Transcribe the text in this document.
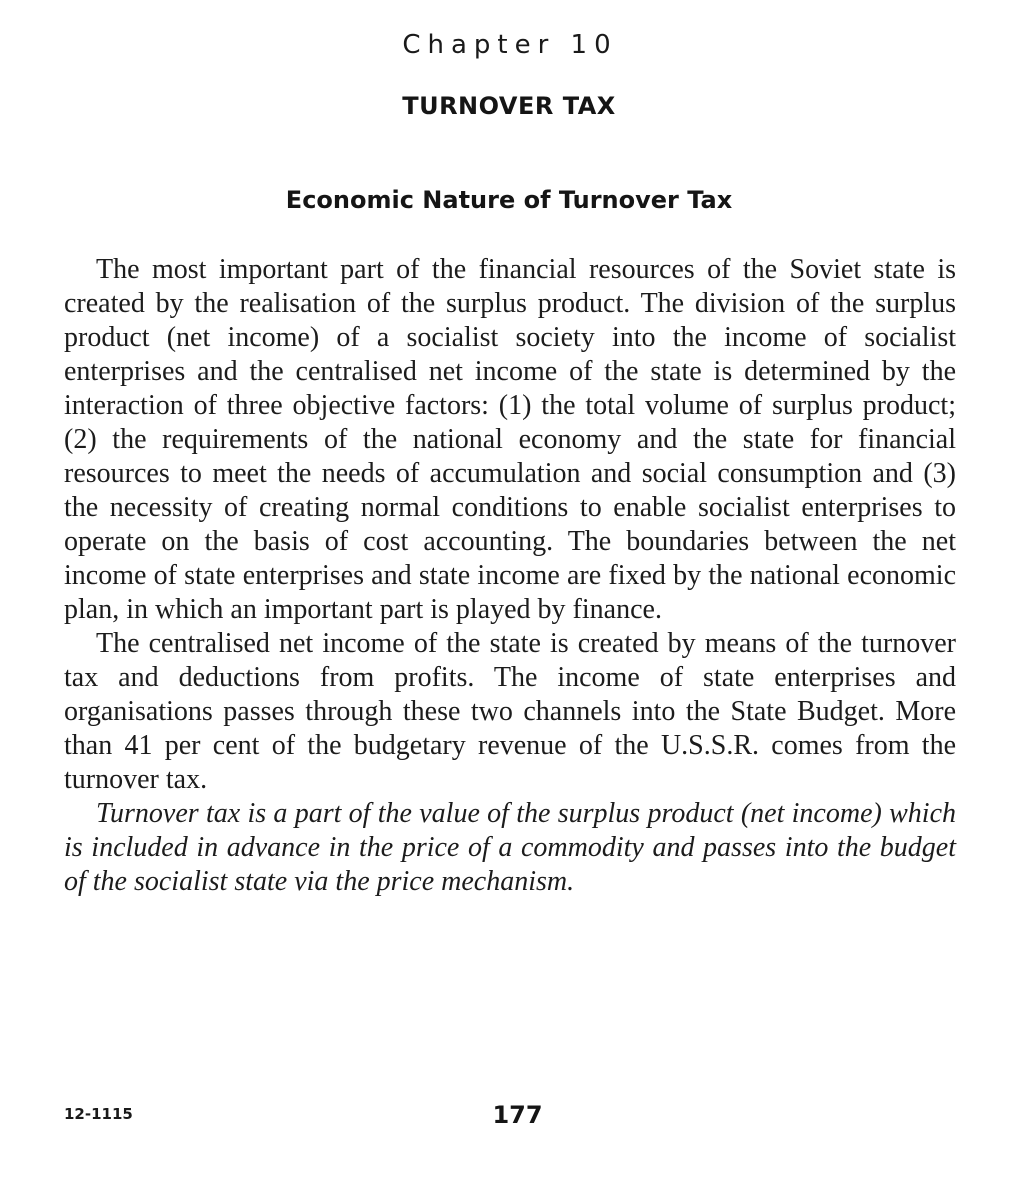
Chapter 10
TURNOVER TAX
Economic Nature of Turnover Tax

The most important part of the financial resources of the Soviet state is created by the realisation of the surplus product. The division of the surplus product (net income) of a socialist society into the income of socialist enterprises and the centralised net income of the state is determined by the interaction of three objective factors: (1) the total volume of surplus product; (2) the requirements of the national economy and the state for financial resources to meet the needs of accumulation and social consumption and (3) the necessity of creating normal conditions to enable socialist enterprises to operate on the basis of cost accounting. The boundaries between the net income of state enterprises and state income are fixed by the national economic plan, in which an important part is played by finance.

The centralised net income of the state is created by means of the turnover tax and deductions from profits. The income of state enterprises and organisations passes through these two channels into the State Budget. More than 41 per cent of the budgetary revenue of the U.S.S.R. comes from the turnover tax.

Turnover tax is a part of the value of the surplus product (net income) which is included in advance in the price of a commodity and passes into the budget of the socialist state via the price mechanism.

12-1115	177
